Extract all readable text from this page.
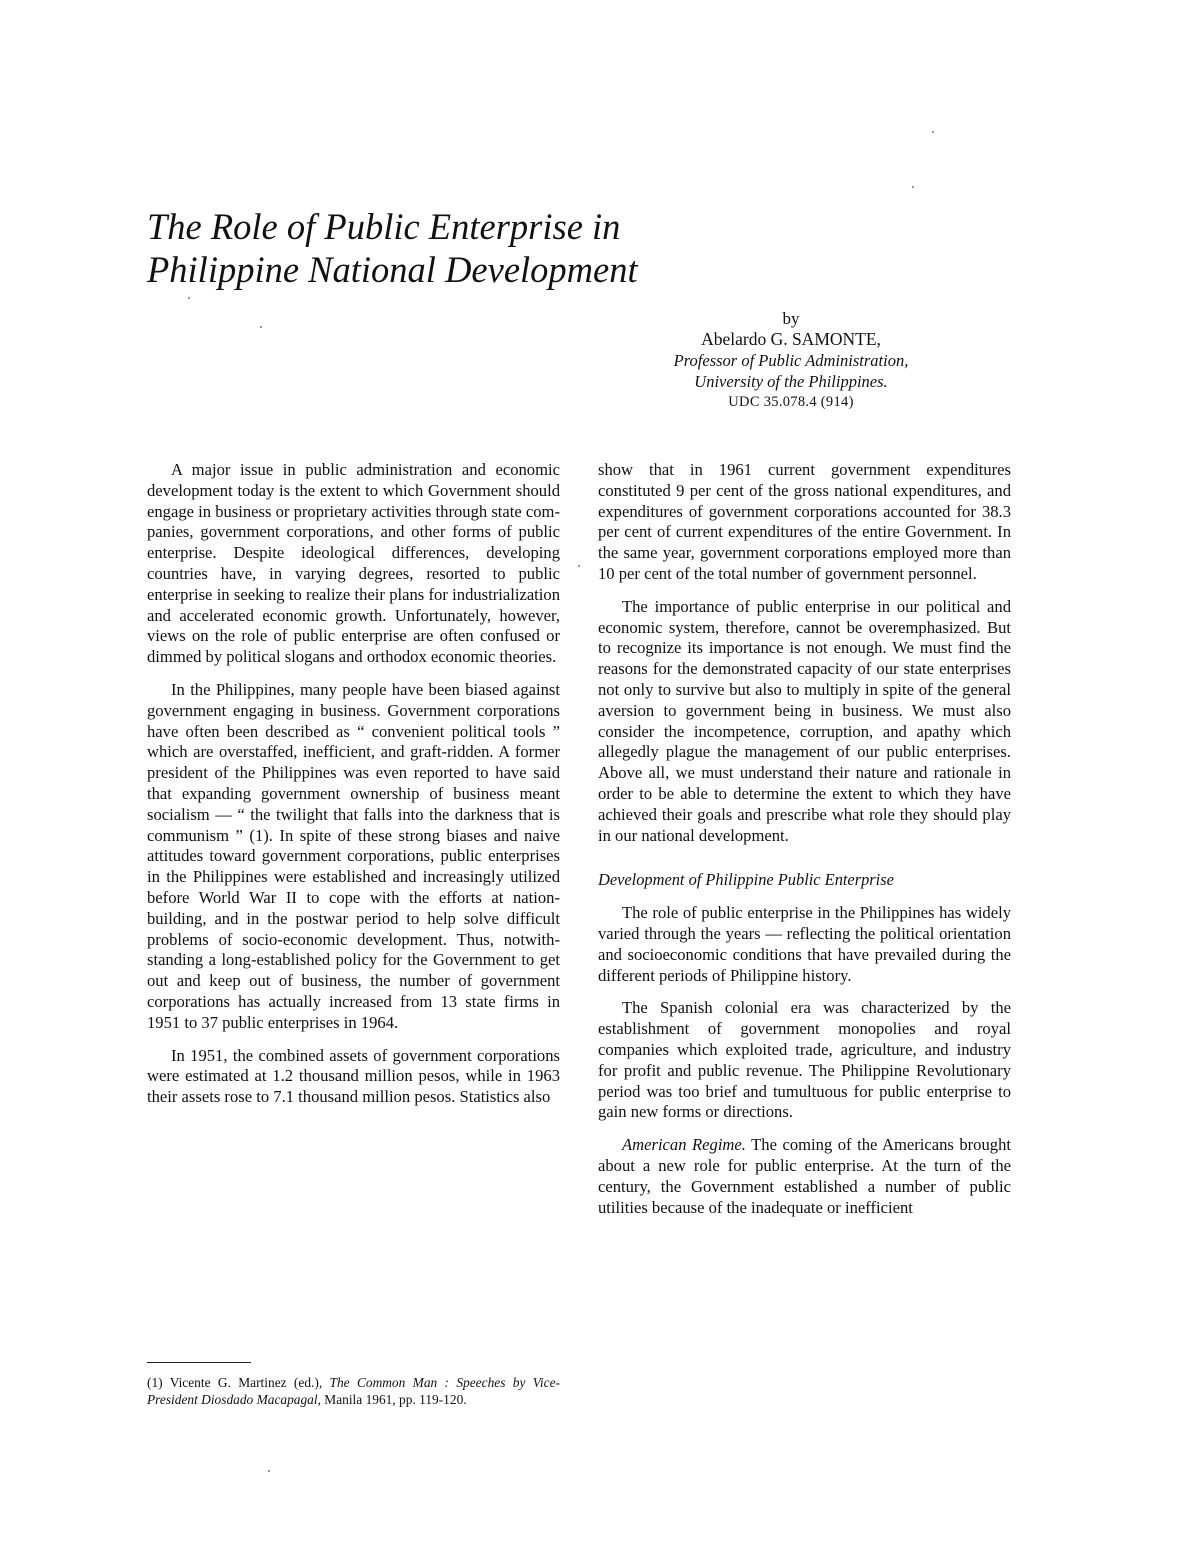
The Role of Public Enterprise in
Philippine National Development
by
Abelardo G. SAMONTE,
Professor of Public Administration,
University of the Philippines.
UDC 35.078.4 (914)

A major issue in public administration and economic development today is the extent to which Government should engage in business or proprietary activities through state companies, government corporations, and other forms of public enterprise. Despite ideological differences, developing countries have, in varying degrees, resorted to public enterprise in seeking to realize their plans for industrialization and accelerated economic growth. Unfortunately, however, views on the role of public enterprise are often confused or dimmed by political slogans and orthodox economic theories.

In the Philippines, many people have been biased against government engaging in business. Government corporations have often been described as “ convenient political tools ” which are overstaffed, inefficient, and graft-ridden. A former president of the Philippines was even reported to have said that expanding government ownership of business meant socialism — “ the twilight that falls into the darkness that is communism ” (1). In spite of these strong biases and naive attitudes toward government corporations, public enterprises in the Philippines were established and increasingly utilized before World War II to cope with the efforts at nation-building, and in the postwar period to help solve difficult problems of socio-economic development. Thus, notwithstanding a long-established policy for the Government to get out and keep out of business, the number of government corporations has actually increased from 13 state firms in 1951 to 37 public enterprises in 1964.

In 1951, the combined assets of government corporations were estimated at 1.2 thousand million pesos, while in 1963 their assets rose to 7.1 thousand million pesos. Statistics also

(1) Vicente G. Martinez (ed.), The Common Man : Speeches by Vice-President Diosdado Macapagal, Manila 1961, pp. 119-120.

show that in 1961 current government expenditures constituted 9 per cent of the gross national expenditures, and expenditures of government corporations accounted for 38.3 per cent of current expenditures of the entire Government. In the same year, government corporations employed more than 10 per cent of the total number of government personnel.

The importance of public enterprise in our political and economic system, therefore, cannot be overemphasized. But to recognize its importance is not enough. We must find the reasons for the demonstrated capacity of our state enterprises not only to survive but also to multiply in spite of the general aversion to government being in business. We must also consider the incompetence, corruption, and apathy which allegedly plague the management of our public enterprises. Above all, we must understand their nature and rationale in order to be able to determine the extent to which they have achieved their goals and prescribe what role they should play in our national development.

Development of Philippine Public Enterprise

The role of public enterprise in the Philippines has widely varied through the years — reflecting the political orientation and socioeconomic conditions that have prevailed during the different periods of Philippine history.

The Spanish colonial era was characterized by the establishment of government monopolies and royal companies which exploited trade, agriculture, and industry for profit and public revenue. The Philippine Revolutionary period was too brief and tumultuous for public enterprise to gain new forms or directions.

American Regime. The coming of the Americans brought about a new role for public enterprise. At the turn of the century, the Government established a number of public utilities because of the inadequate or inefficient
